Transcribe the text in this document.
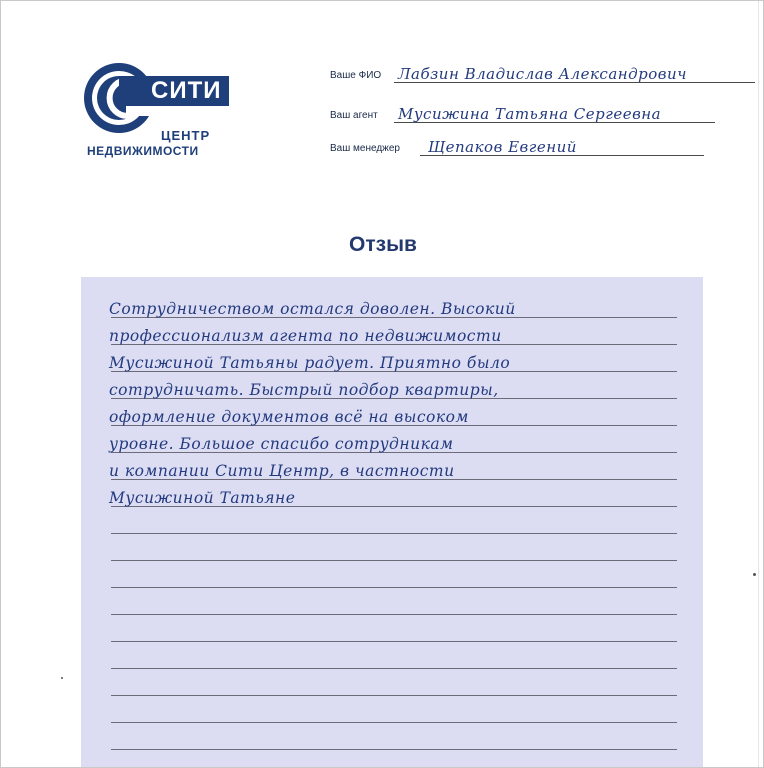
СИТИ
ЦЕНТР
НЕДВИЖИМОСТИ
Ваше ФИО Лабзин Владислав Александрович
Ваш агент Мусижина Татьяна Сергеевна
Ваш менеджер Щепаков Евгений
Отзыв
Сотрудничеством остался доволен. Высокий
профессионализм агента по недвижимости
Мусижиной Татьяны радует. Приятно было
сотрудничать. Быстрый подбор квартиры,
оформление документов всё на высоком
уровне. Большое спасибо сотрудникам
и компании Сити Центр, в частности
Мусижиной Татьяне
